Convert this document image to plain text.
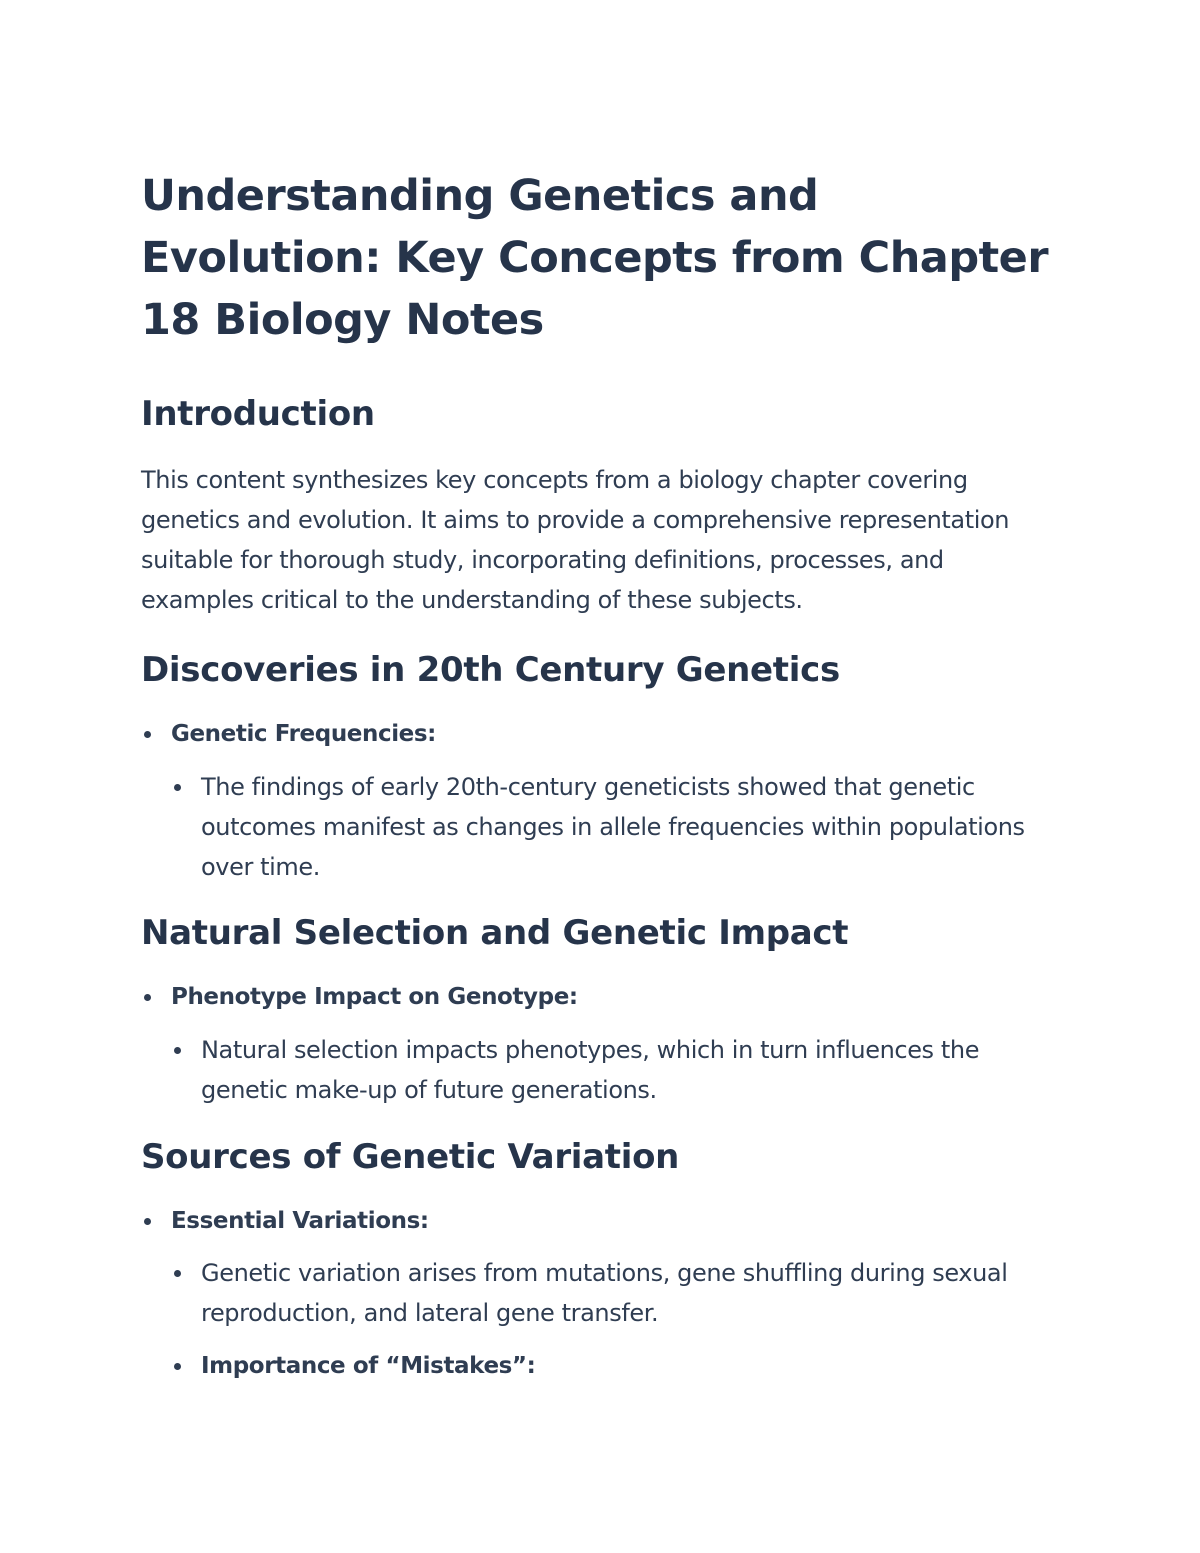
Understanding Genetics and Evolution: Key Concepts from Chapter 18 Biology Notes
Introduction

This content synthesizes key concepts from a biology chapter covering genetics and evolution. It aims to provide a comprehensive representation suitable for thorough study, incorporating definitions, processes, and examples critical to the understanding of these subjects.

Discoveries in 20th Century Genetics
Genetic Frequencies:
The findings of early 20th-century geneticists showed that genetic outcomes manifest as changes in allele frequencies within populations over time.
Natural Selection and Genetic Impact
Phenotype Impact on Genotype:
Natural selection impacts phenotypes, which in turn influences the genetic make-up of future generations.
Sources of Genetic Variation
Essential Variations:
Genetic variation arises from mutations, gene shuffling during sexual reproduction, and lateral gene transfer.
Importance of “Mistakes”:
